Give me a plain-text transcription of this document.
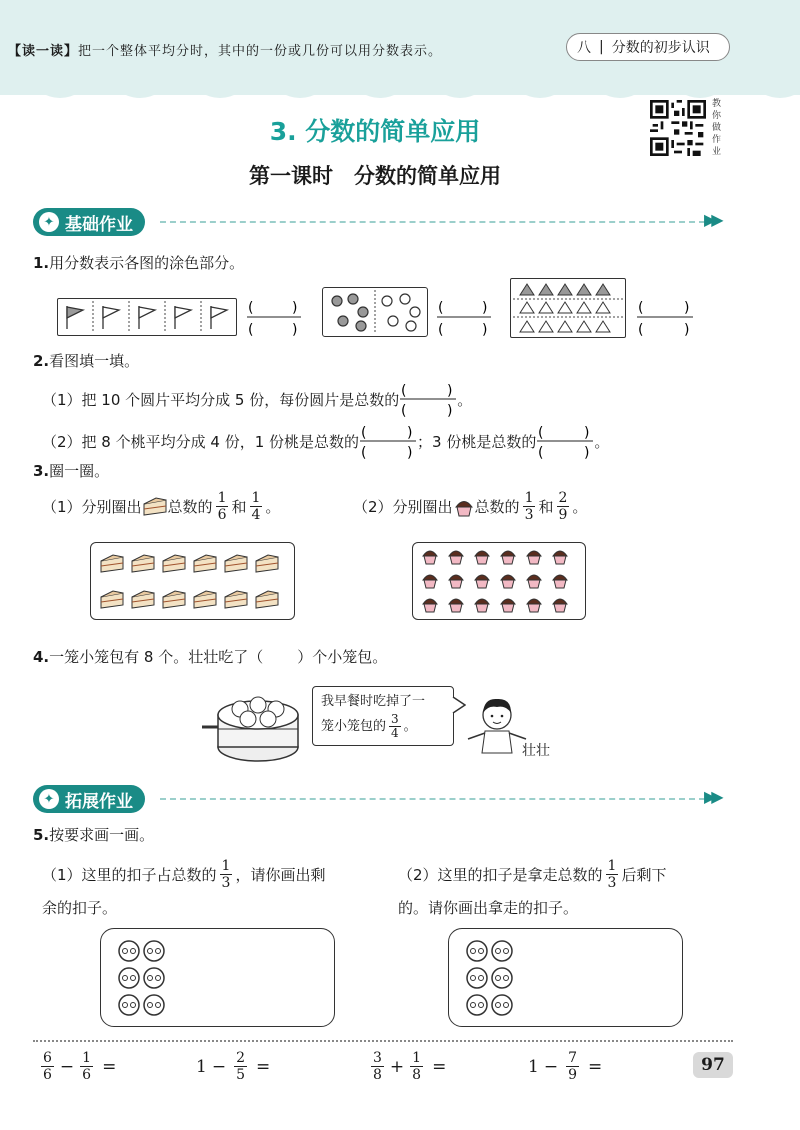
【读一读】把一个整体平均分时，其中的一份或几份可以用分数表示。	八 | 分数的初步认识
教你做作业
3. 分数的简单应用
第一课时　分数的简单应用
✦ 基础作业	▶▶
1.用分数表示各图的涂色部分。
(	)
(	)
(	)
(	)
(	)
(	)
2.看图填一填。
（1）把 10 个圆片平均分成 5 份，每份圆片是总数的 (	)
(	)
。
（2）把 8 个桃平均分成 4 份，1 份桃是总数的 (	)
(	)
；3 份桃是总数的 (	)
(	)
。
3.圈一圈。
（1）分别圈出 总数的 $\frac{1}{6}$ 和 $\frac{1}{4}$ 。	（2）分别圈出 总数的 $\frac{1}{3}$ 和 $\frac{2}{9}$ 。
4.一笼小笼包有 8 个。壮壮吃了（ ）个小笼包。
我早餐时吃掉了一
笼小笼包的 $\frac{3}{4}$ 。
壮壮
✦ 拓展作业	▶▶
5.按要求画一画。
（1）这里的扣子占总数的 $\frac{1}{3}$ ，请你画出剩
余的扣子。
（2）这里的扣子是拿走总数的 $\frac{1}{3}$ 后剩下
的。请你画出拿走的扣子。
$\frac{6}{6} - \frac{1}{6}$ =	$1 - \frac{2}{5}$ =	$\frac{3}{8} + \frac{1}{8}$ =	$1 - \frac{7}{9}$ =	97
